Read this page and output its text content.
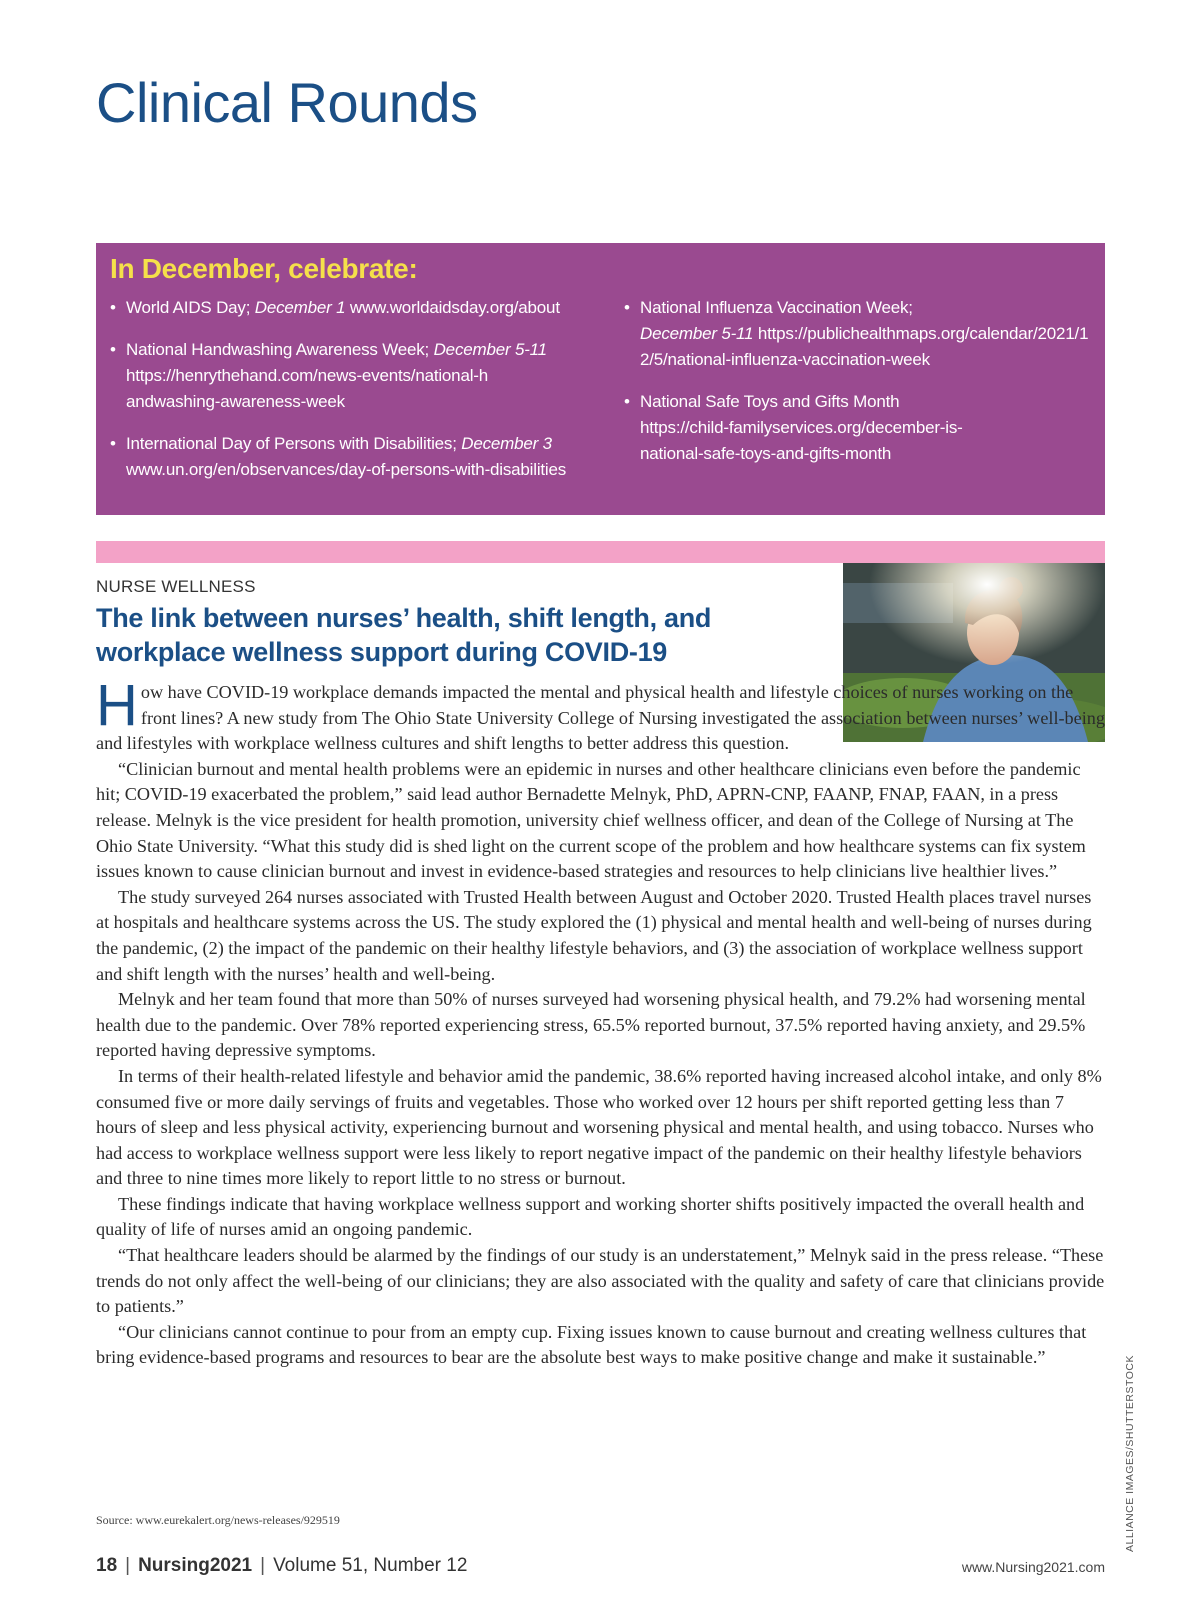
Clinical Rounds
In December, celebrate:
• World AIDS Day; December 1 www.worldaidsday.org/about
• National Handwashing Awareness Week; December 5-11

https://henrythehand.com/news-events/national-handwashing-awareness-week
• International Day of Persons with Disabilities; December 3
www.un.org/en/observances/day-of-persons-with-disabilities
• National Influenza Vaccination Week;
December 5-11 https://publichealthmaps.org/calendar/2021/12/5/national-influenza-vaccination-week
• National Safe Toys and Gifts Month

https://child-familyservices.org/december-is-national-safe-toys-and-gifts-month
NURSE WELLNESS
The link between nurses’ health, shift length, and workplace wellness support during COVID-19

How have COVID-19 workplace demands impacted the mental and physical health and lifestyle choices of nurses working on the front lines? A new study from The Ohio State University College of Nursing investigated the association between nurses’ well-being and lifestyles with workplace wellness cultures and shift lengths to better address this question.

“Clinician burnout and mental health problems were an epidemic in nurses and other healthcare clinicians even before the pandemic hit; COVID-19 exacerbated the problem,” said lead author Bernadette Melnyk, PhD, APRN-CNP, FAANP, FNAP, FAAN, in a press release. Melnyk is the vice president for health promotion, university chief wellness officer, and dean of the College of Nursing at The Ohio State University. “What this study did is shed light on the current scope of the problem and how healthcare systems can fix system issues known to cause clinician burnout and invest in evidence-based strategies and resources to help clinicians live healthier lives.”

The study surveyed 264 nurses associated with Trusted Health between August and October 2020. Trusted Health places travel nurses at hospitals and healthcare systems across the US. The study explored the (1) physical and mental health and well-being of nurses during the pandemic, (2) the impact of the pandemic on their healthy lifestyle behaviors, and (3) the association of workplace wellness support and shift length with the nurses’ health and well-being.

Melnyk and her team found that more than 50% of nurses surveyed had worsening physical health, and 79.2% had worsening mental health due to the pandemic. Over 78% reported experiencing stress, 65.5% reported burnout, 37.5% reported having anxiety, and 29.5% reported having depressive symptoms.

In terms of their health-related lifestyle and behavior amid the pandemic, 38.6% reported having increased alcohol intake, and only 8% consumed five or more daily servings of fruits and vegetables. Those who worked over 12 hours per shift reported getting less than 7 hours of sleep and less physical activity, experiencing burnout and worsening physical and mental health, and using tobacco. Nurses who had access to workplace wellness support were less likely to report negative impact of the pandemic on their healthy lifestyle behaviors and three to nine times more likely to report little to no stress or burnout.

These findings indicate that having workplace wellness support and working shorter shifts positively impacted the overall health and quality of life of nurses amid an ongoing pandemic.

“That healthcare leaders should be alarmed by the findings of our study is an understatement,” Melnyk said in the press release. “These trends do not only affect the well-being of our clinicians; they are also associated with the quality and safety of care that clinicians provide to patients.”

“Our clinicians cannot continue to pour from an empty cup. Fixing issues known to cause burnout and creating wellness cultures that bring evidence-based programs and resources to bear are the absolute best ways to make positive change and make it sustainable.”

Source: www.eurekalert.org/news-releases/929519	ALLIANCE IMAGES/SHUTTERSTOCK
18 | Nursing2021 | Volume 51, Number 12	www.Nursing2021.com
